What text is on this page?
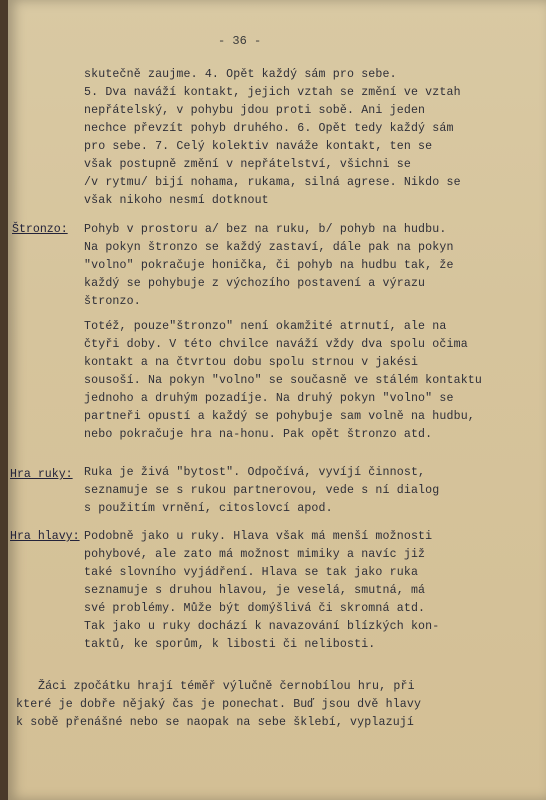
- 36 -
skutečně zaujme. 4. Opět každý sám pro sebe.
5. Dva naváží kontakt, jejich vztah se změní ve vztah
nepřátelský, v pohybu jdou proti sobě. Ani jeden
nechce převzít pohyb druhého. 6. Opět tedy každý sám
pro sebe. 7. Celý kolektiv naváže kontakt, ten se
však postupně změní v nepřátelství, všichni se
/v rytmu/ bijí nohama, rukama, silná agrese. Nikdo se
však nikoho nesmí dotknout
Štronzo: Pohyb v prostoru a/ bez na ruku, b/ pohyb na hudbu.
Na pokyn štronzo se každý zastaví, dále pak na pokyn
"volno" pokračuje honička, či pohyb na hudbu tak, že
každý se pohybuje z výchozího postavení a výrazu
štronzo.
Totéž, pouze"štronzo" není okamžité atrnutí, ale na
čtyři doby. V této chvilce naváží vždy dva spolu očima
kontakt a na čtvrtou dobu spolu strnou v jakési
sousoší. Na pokyn "volno" se současně ve stálém kontaktu
jednoho a druhým pozadíje. Na druhý pokyn "volno" se
partneři opustí a každý se pohybuje sam volně na hudbu,
nebo pokračuje hra na-honu. Pak opět štronzo atd.
Hra ruky: Ruka je živá "bytost". Odpočívá, vyvíjí činnost,
seznamuje se s rukou partnerovou, vede s ní dialog
s použitím vrnění, citoslovcí apod.
Hra hlavy: Podobně jako u ruky. Hlava však má menší možnosti
pohybové, ale zato má možnost mimiky a navíc již
také slovního vyjádření. Hlava se tak jako ruka
seznamuje s druhou hlavou, je veselá, smutná, má
své problémy. Může být domýšlivá či skromná atd.
Tak jako u ruky dochází k navazování blízkých kon-
taktů, ke sporům, k libosti či nelibosti.
Žáci zpočátku hrají téměř výlučně černobílou hru, při
které je dobře nějaký čas je ponechat. Buď jsou dvě hlavy
k sobě přenášné nebo se naopak na sebe šklebí, vyplazují
